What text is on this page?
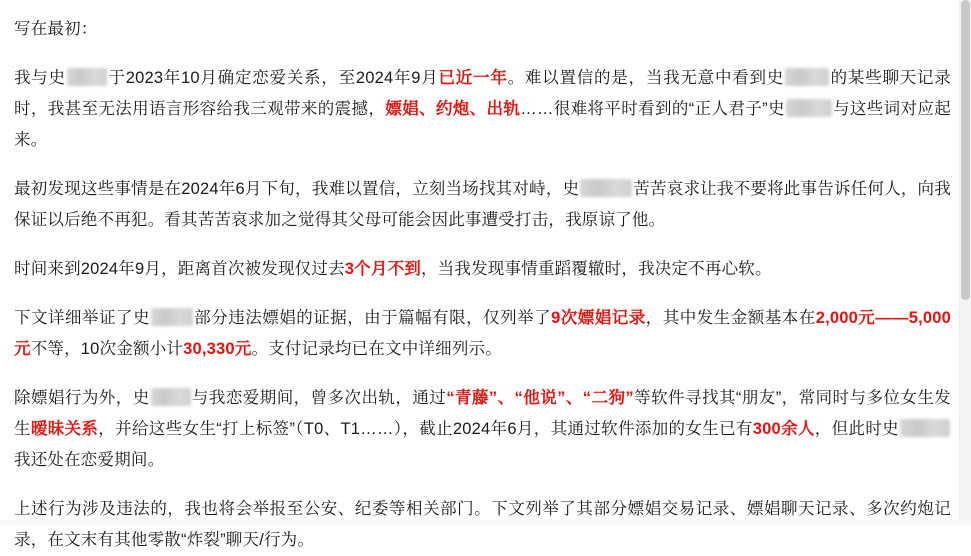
写在最初：

我与史	于2023年10月确定恋爱关系，至2024年9月已近一年。难以置信的是，当我无意中看到史	的某些聊天记录时，我甚至无法用语言形容给我三观带来的震撼，嫖娼、约炮、出轨……很难将平时看到的“正人君子”史	与这些词对应起来。

最初发现这些事情是在2024年6月下旬，我难以置信，立刻当场找其对峙，史	苦苦哀求让我不要将此事告诉任何人，向我保证以后绝不再犯。看其苦苦哀求加之觉得其父母可能会因此事遭受打击，我原谅了他。

时间来到2024年9月，距离首次被发现仅过去3个月不到，当我发现事情重蹈覆辙时，我决定不再心软。

下文详细举证了史	部分违法嫖娼的证据，由于篇幅有限，仅列举了9次嫖娼记录，其中发生金额基本在2,000元——5,000元不等，10次金额小计30,330元。支付记录均已在文中详细列示。

除嫖娼行为外，史	与我恋爱期间，曾多次出轨，通过“青藤”、“他说”、“二狗”等软件寻找其“朋友”，常同时与多位女生发生暧昧关系，并给这些女生“打上标签”（T0、T1……），截止2024年6月，其通过软件添加的女生已有300余人，但此时史我还处在恋爱期间。

上述行为涉及违法的，我也将会举报至公安、纪委等相关部门。下文列举了其部分嫖娼交易记录、嫖娼聊天记录、多次约炮记录，在文末有其他零散“炸裂”聊天/行为。
